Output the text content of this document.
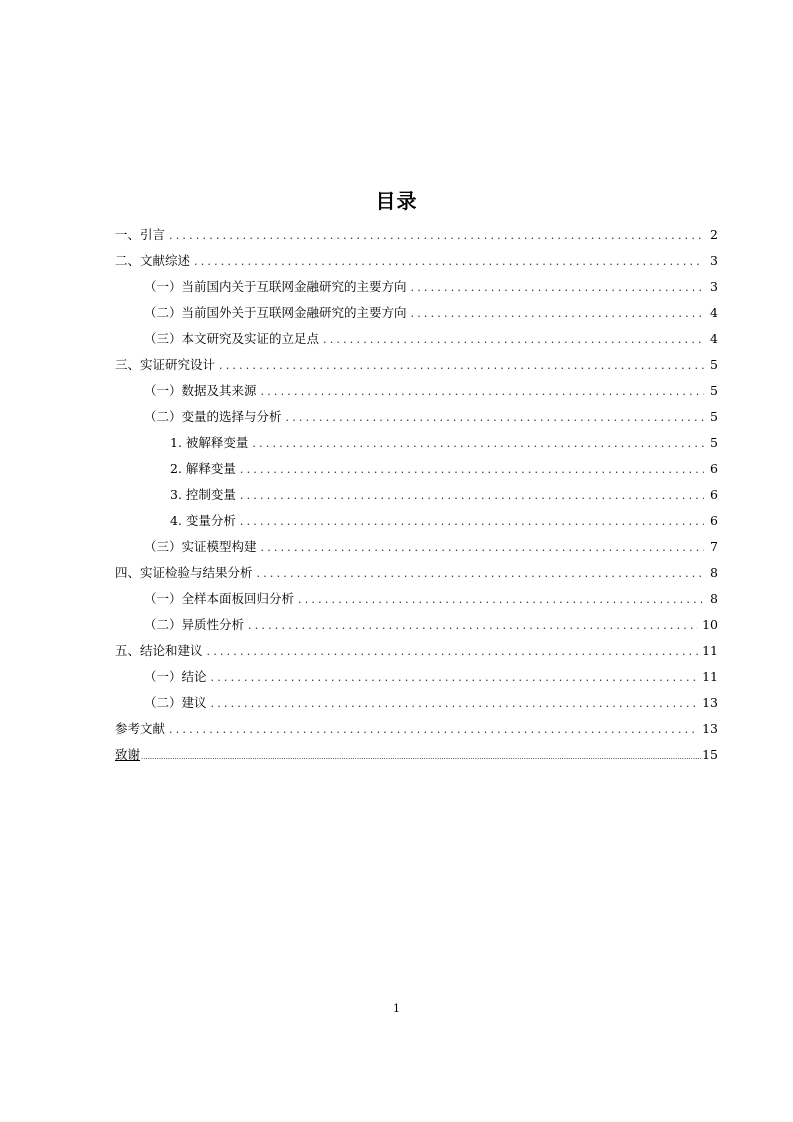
目录
一、引言 .....	2
二、文献综述 .....	3
（一）当前国内关于互联网金融研究的主要方向 .....	3
（二）当前国外关于互联网金融研究的主要方向 .....	4
（三）本文研究及实证的立足点 .....	4
三、实证研究设计 .....	5
（一）数据及其来源 .....	5
（二）变量的选择与分析 .....	5
1. 被解释变量 .....	5
2. 解释变量 .....	6
3. 控制变量 .....	6
4. 变量分析 .....	6
（三）实证模型构建 .....	7
四、实证检验与结果分析 .....	8
（一）全样本面板回归分析 .....	8
（二）异质性分析 .....	10
五、结论和建议 .....	11
（一）结论 .....	11
（二）建议 .....	13
参考文献 .....	13
致谢 .....	15
1
